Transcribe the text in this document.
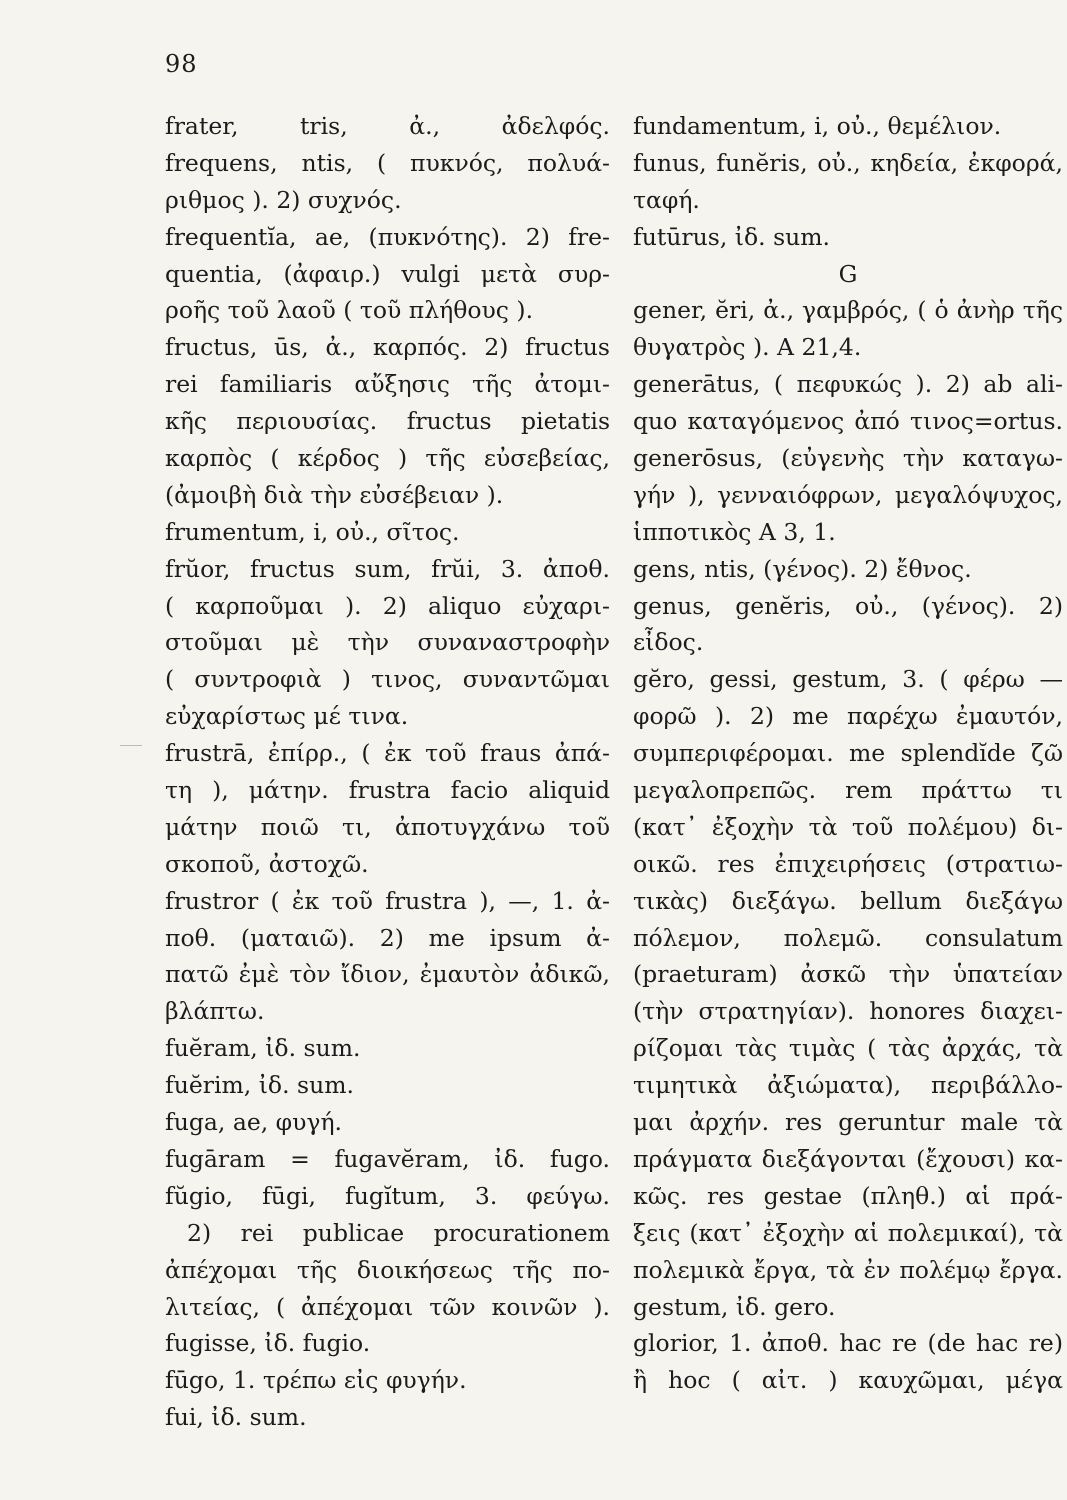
98
frater, tris, ἀ., ἀδελφός.
frequens, ntis, ( πυκνός, πολυά-
ριθμος ). 2) συχνός.
frequentĭa, ae, (πυκνότης). 2) fre-
quentia, (ἀφαιρ.) vulgi μετὰ συρ-
ροῆς τοῦ λαοῦ ( τοῦ πλήθους ).
fructus, ūs, ἀ., καρπός. 2) fructus
rei familiaris αὔξησις τῆς ἀτομι-
κῆς περιουσίας. fructus pietatis
καρπὸς ( κέρδος ) τῆς εὐσεβείας,
(ἀμοιβὴ διὰ τὴν εὐσέβειαν ).
frumentum, i, οὐ., σῖτος.
frŭor, fructus sum, frŭi, 3. ἀποθ.
( καρποῦμαι ). 2) aliquo εὐχαρι-
στοῦμαι μὲ τὴν συναναστροφὴν
( συντροφιὰ ) τινος, συναντῶμαι
εὐχαρίστως μέ τινα.
frustrā, ἐπίρρ., ( ἐκ τοῦ fraus ἀπά-
τη ), μάτην. frustra facio aliquid
μάτην ποιῶ τι, ἀποτυγχάνω τοῦ
σκοποῦ, ἀστοχῶ.
frustror ( ἐκ τοῦ frustra ), —, 1. ἀ-
ποθ. (ματαιῶ). 2) me ipsum ἀ-
πατῶ ἐμὲ τὸν ἴδιον, ἐμαυτὸν ἀδικῶ,
βλάπτω.
fuĕram, ἰδ. sum.
fuĕrim, ἰδ. sum.
fuga, ae, φυγή.
fugāram = fugavĕram, ἰδ. fugo.
fŭgio, fūgi, fugĭtum, 3. φεύγω.
2) rei publicae procurationem
ἀπέχομαι τῆς διοικήσεως τῆς πο-
λιτείας, ( ἀπέχομαι τῶν κοινῶν ).
fugisse, ἰδ. fugio.
fūgo, 1. τρέπω εἰς φυγήν.
fui, ἰδ. sum.
fundamentum, i, οὐ., θεμέλιον.
funus, funĕris, οὐ., κηδεία, ἐκφορά,
ταφή.
futūrus, ἰδ. sum.
G
gener, ĕri, ἀ., γαμβρός, ( ὁ ἀνὴρ τῆς
θυγατρὸς ). A 21,4.
generātus, ( πεφυκώς ). 2) ab ali-
quo καταγόμενος ἀπό τινος=ortus.
generōsus, (εὐγενὴς τὴν καταγω-
γήν ), γενναιόφρων, μεγαλόψυχος,
ἱπποτικὸς A 3, 1.
gens, ntis, (γένος). 2) ἔθνος.
genus, genĕris, οὐ., (γένος). 2)
εἶδος.
gĕro, gessi, gestum, 3. ( φέρω —
φορῶ ). 2) me παρέχω ἐμαυτόν,
συμπεριφέρομαι. me splendĭde ζῶ
μεγαλοπρεπῶς. rem πράττω τι
(κατ᾽ ἐξοχὴν τὰ τοῦ πολέμου) δι-
οικῶ. res ἐπιχειρήσεις (στρατιω-
τικὰς) διεξάγω. bellum διεξάγω
πόλεμον, πολεμῶ. consulatum
(praeturam) ἀσκῶ τὴν ὑπατείαν
(τὴν στρατηγίαν). honores διαχει-
ρίζομαι τὰς τιμὰς ( τὰς ἀρχάς, τὰ
τιμητικὰ ἀξιώματα), περιβάλλο-
μαι ἀρχήν. res geruntur male τὰ
πράγματα διεξάγονται (ἔχουσι) κα-
κῶς. res gestae (πληθ.) αἱ πρά-
ξεις (κατ᾽ ἐξοχὴν αἱ πολεμικαί), τὰ
πολεμικὰ ἔργα, τὰ ἐν πολέμῳ ἔργα.
gestum, ἰδ. gero.
glorior, 1. ἀποθ. hac re (de hac re)
ἢ hoc ( αἰτ. ) καυχῶμαι, μέγα
